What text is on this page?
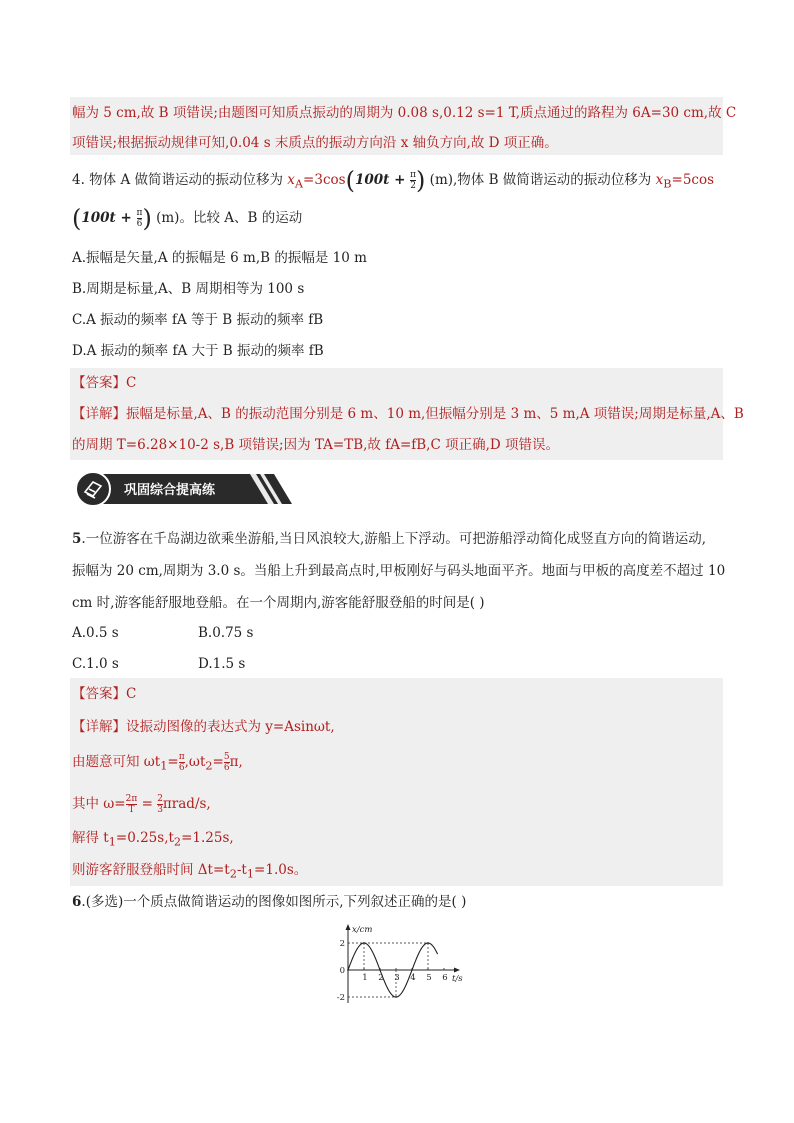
幅为 5 cm,故 B 项错误;由题图可知质点振动的周期为 0.08 s,0.12 s=1 T,质点通过的路程为 6A=30 cm,故 C
项错误;根据振动规律可知,0.04 s 末质点的振动方向沿 x 轴负方向,故 D 项正确。
4. 物体 A 做简谐运动的振动位移为 $x_A=3\cos(100t + \frac{\pi}{2}$ ) (m),物体 B 做简谐运动的振动位移为 $x_B=5\cos$
($100t + \frac{\pi}{6}$ ) (m)。比较 A、B 的运动
A.振幅是矢量,A 的振幅是 6 m,B 的振幅是 10 m
B.周期是标量,A、B 周期相等为 100 s
C.A 振动的频率 fA 等于 B 振动的频率 fB
D.A 振动的频率 fA 大于 B 振动的频率 fB
【答案】C
【详解】振幅是标量,A、B 的振动范围分别是 6 m、10 m,但振幅分别是 3 m、5 m,A 项错误;周期是标量,A、B
的周期 T=6.28×10-2 s,B 项错误;因为 TA=TB,故 fA=fB,C 项正确,D 项错误。
巩固综合提高练
5.一位游客在千岛湖边欲乘坐游船,当日风浪较大,游船上下浮动。可把游船浮动简化成竖直方向的简谐运动,
振幅为 20 cm,周期为 3.0 s。当船上升到最高点时,甲板刚好与码头地面平齐。地面与甲板的高度差不超过 10
cm 时,游客能舒服地登船。在一个周期内,游客能舒服登船的时间是( )
A.0.5 s	B.0.75 s
C.1.0 s	D.1.5 s
【答案】C
【详解】设振动图像的表达式为 y=Asinωt,
由题意可知 $\omega t_1= \frac{\pi}{6} ,\omega t_2= \frac{5}{6} \pi$,
其中 $\omega= \frac{2\pi}{T} = \frac{2}{3} \pi rad/s$,
解得 $t_1=0.25s,t_2=1.25s$,
则游客舒服登船时间 $\Delta t=t_2-t_1=1.0s$。
6.(多选)一个质点做简谐运动的图像如图所示,下列叙述正确的是( )
1 2 3 4 5 6
2
-2
0
t/s
x/cm
